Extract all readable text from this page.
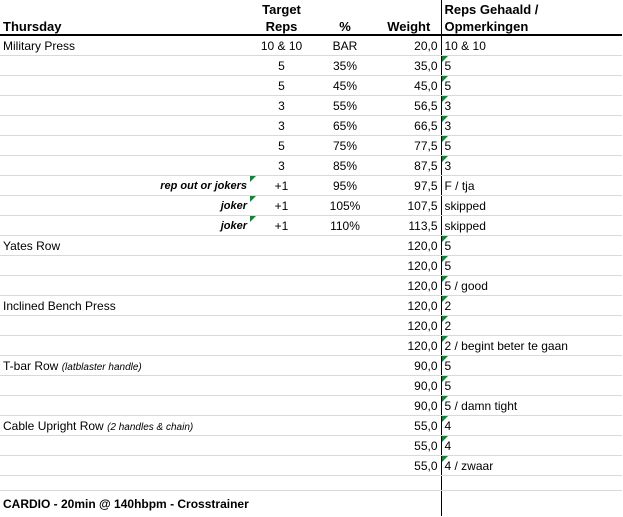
Thursday	Target	%	Weight	Reps Gehaald /
	Reps			Opmerkingen
Military Press	10 & 10	BAR	20,0	10 & 10
	5	35%	35,0	5
	5	45%	45,0	5
	3	55%	56,5	3
	3	65%	66,5	3
	5	75%	77,5	5
	3	85%	87,5	3
rep out or jokers	+1	95%	97,5	F / tja
joker	+1	105%	107,5	skipped
joker	+1	110%	113,5	skipped
Yates Row			120,0	5
			120,0	5
			120,0	5 / good
Inclined Bench Press			120,0	2
			120,0	2
			120,0	2 / begint beter te gaan
T-bar Row (latblaster handle)			90,0	5
			90,0	5
			90,0	5 / damn tight
Cable Upright Row (2 handles & chain)			55,0	4
			55,0	4
			55,0	4 / zwaar

CARDIO - 20min @ 140hbpm - Crosstrainer				
